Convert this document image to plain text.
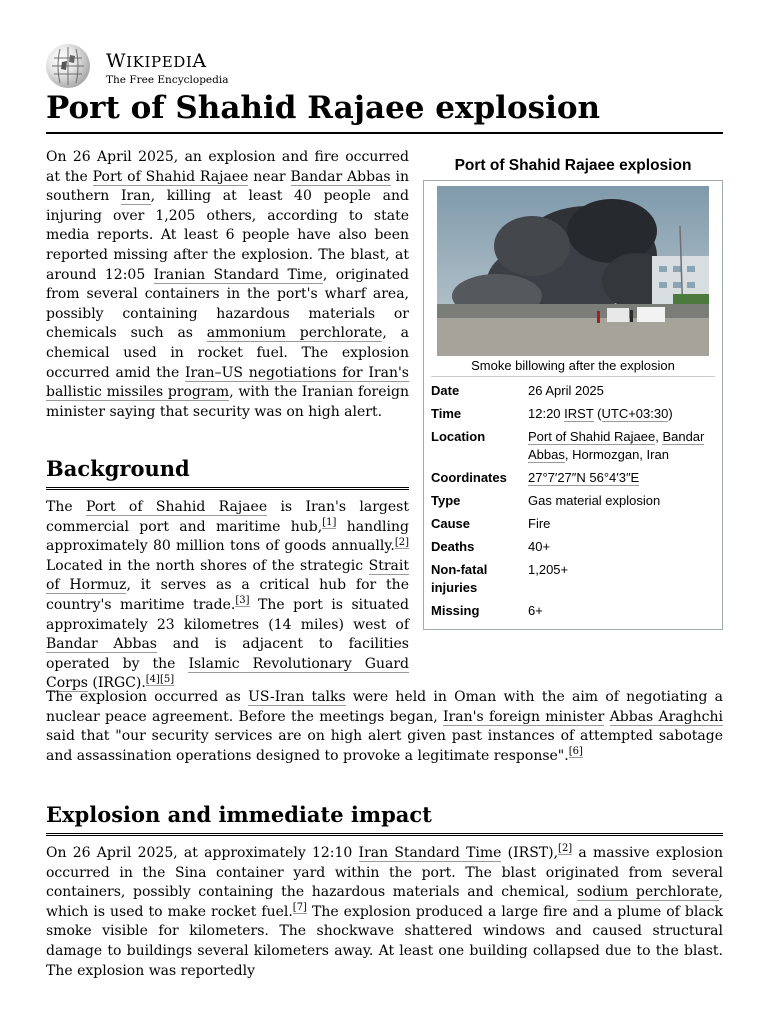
WIKIPEDIA
The Free Encyclopedia
Port of Shahid Rajaee explosion
On 26 April 2025, an explosion and fire occurred at the Port of Shahid Rajaee near Bandar Abbas in southern Iran, killing at least 40 people and injuring over 1,205 others, according to state media reports. At least 6 people have also been reported missing after the explosion. The blast, at around 12:05 Iranian Standard Time, originated from several containers in the port's wharf area, possibly containing hazardous materials or chemicals such as ammonium perchlorate, a chemical used in rocket fuel. The explosion occurred amid the Iran–US negotiations for Iran's ballistic missiles program, with the Iranian foreign minister saying that security was on high alert.
Background
The Port of Shahid Rajaee is Iran's largest commercial port and maritime hub,[1] handling approximately 80 million tons of goods annually.[2] Located in the north shores of the strategic Strait of Hormuz, it serves as a critical hub for the country's maritime trade.[3] The port is situated approximately 23 kilometres (14 miles) west of Bandar Abbas and is adjacent to facilities operated by the Islamic Revolutionary Guard Corps (IRGC).[4][5]
The explosion occurred as US-Iran talks were held in Oman with the aim of negotiating a nuclear peace agreement. Before the meetings began, Iran's foreign minister Abbas Araghchi said that "our security services are on high alert given past instances of attempted sabotage and assassination operations designed to provoke a legitimate response".[6]
Explosion and immediate impact
On 26 April 2025, at approximately 12:10 Iran Standard Time (IRST),[2] a massive explosion occurred in the Sina container yard within the port. The blast originated from several containers, possibly containing the hazardous materials and chemical, sodium perchlorate, which is used to make rocket fuel.[7] The explosion produced a large fire and a plume of black smoke visible for kilometers. The shockwave shattered windows and caused structural damage to buildings several kilometers away. At least one building collapsed due to the blast. The explosion was reportedly
Port of Shahid Rajaee explosion
Smoke billowing after the explosion
Date	26 April 2025
Time	12:20 IRST (UTC+03:30)
Location	Port of Shahid Rajaee, Bandar Abbas, Hormozgan, Iran
Coordinates	27°7′27″N 56°4′3″E
Type	Gas material explosion
Cause	Fire
Deaths	40+
Non-fatal injuries	1,205+
Missing	6+
